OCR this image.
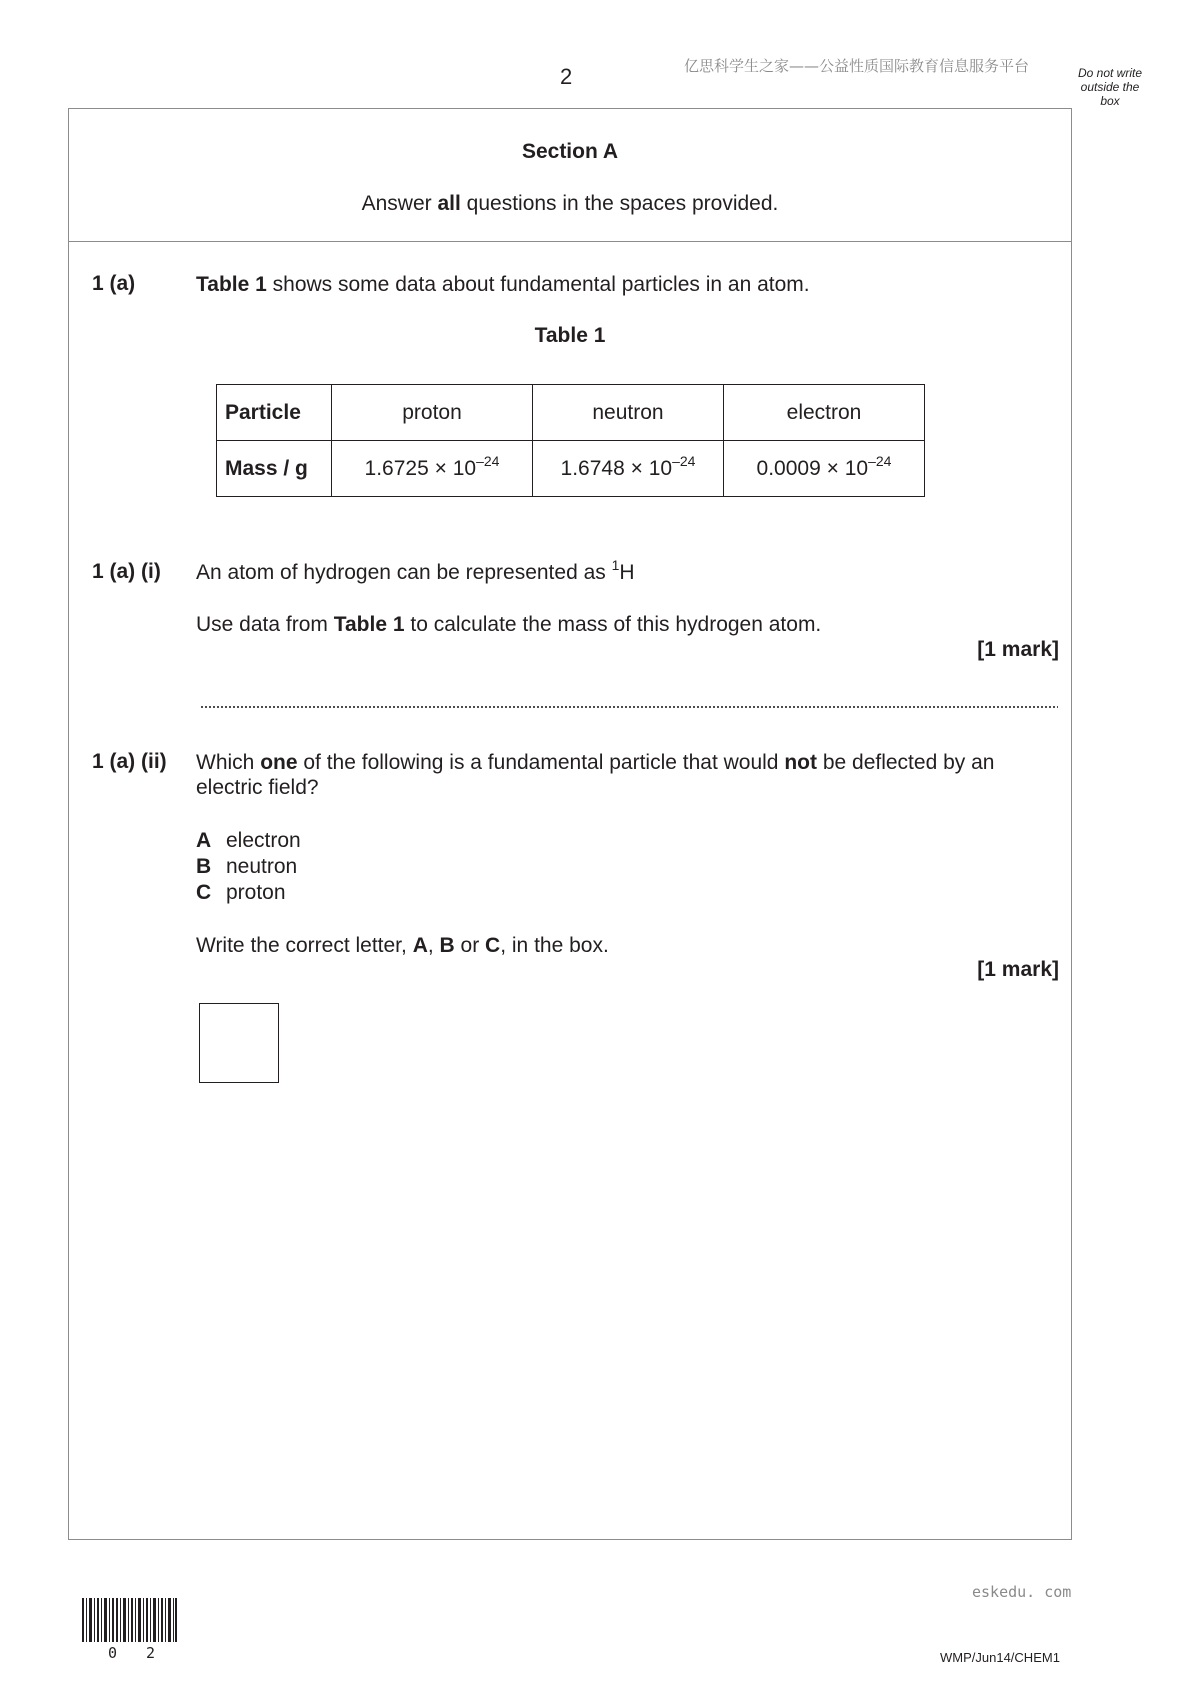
2	亿思科学生之家——公益性质国际教育信息服务平台	Do not write outside the box
Section A
Answer all questions in the spaces provided.
1 (a)	Table 1 shows some data about fundamental particles in an atom.
Table 1
Particle	proton	neutron	electron
Mass / g	$1.6725 \times 10^{-24}$	$1.6748 \times 10^{-24}$	$0.0009 \times 10^{-24}$
1 (a) (i) An atom of hydrogen can be represented as $^1$H
Use data from Table 1 to calculate the mass of this hydrogen atom.
[1 mark]
1 (a) (ii) Which one of the following is a fundamental particle that would not be deflected by an
electric field?
A electron
B neutron
C proton
Write the correct letter, A, B or C, in the box.
[1 mark]
eskedu. com
0 2	WMP/Jun14/CHEM1
